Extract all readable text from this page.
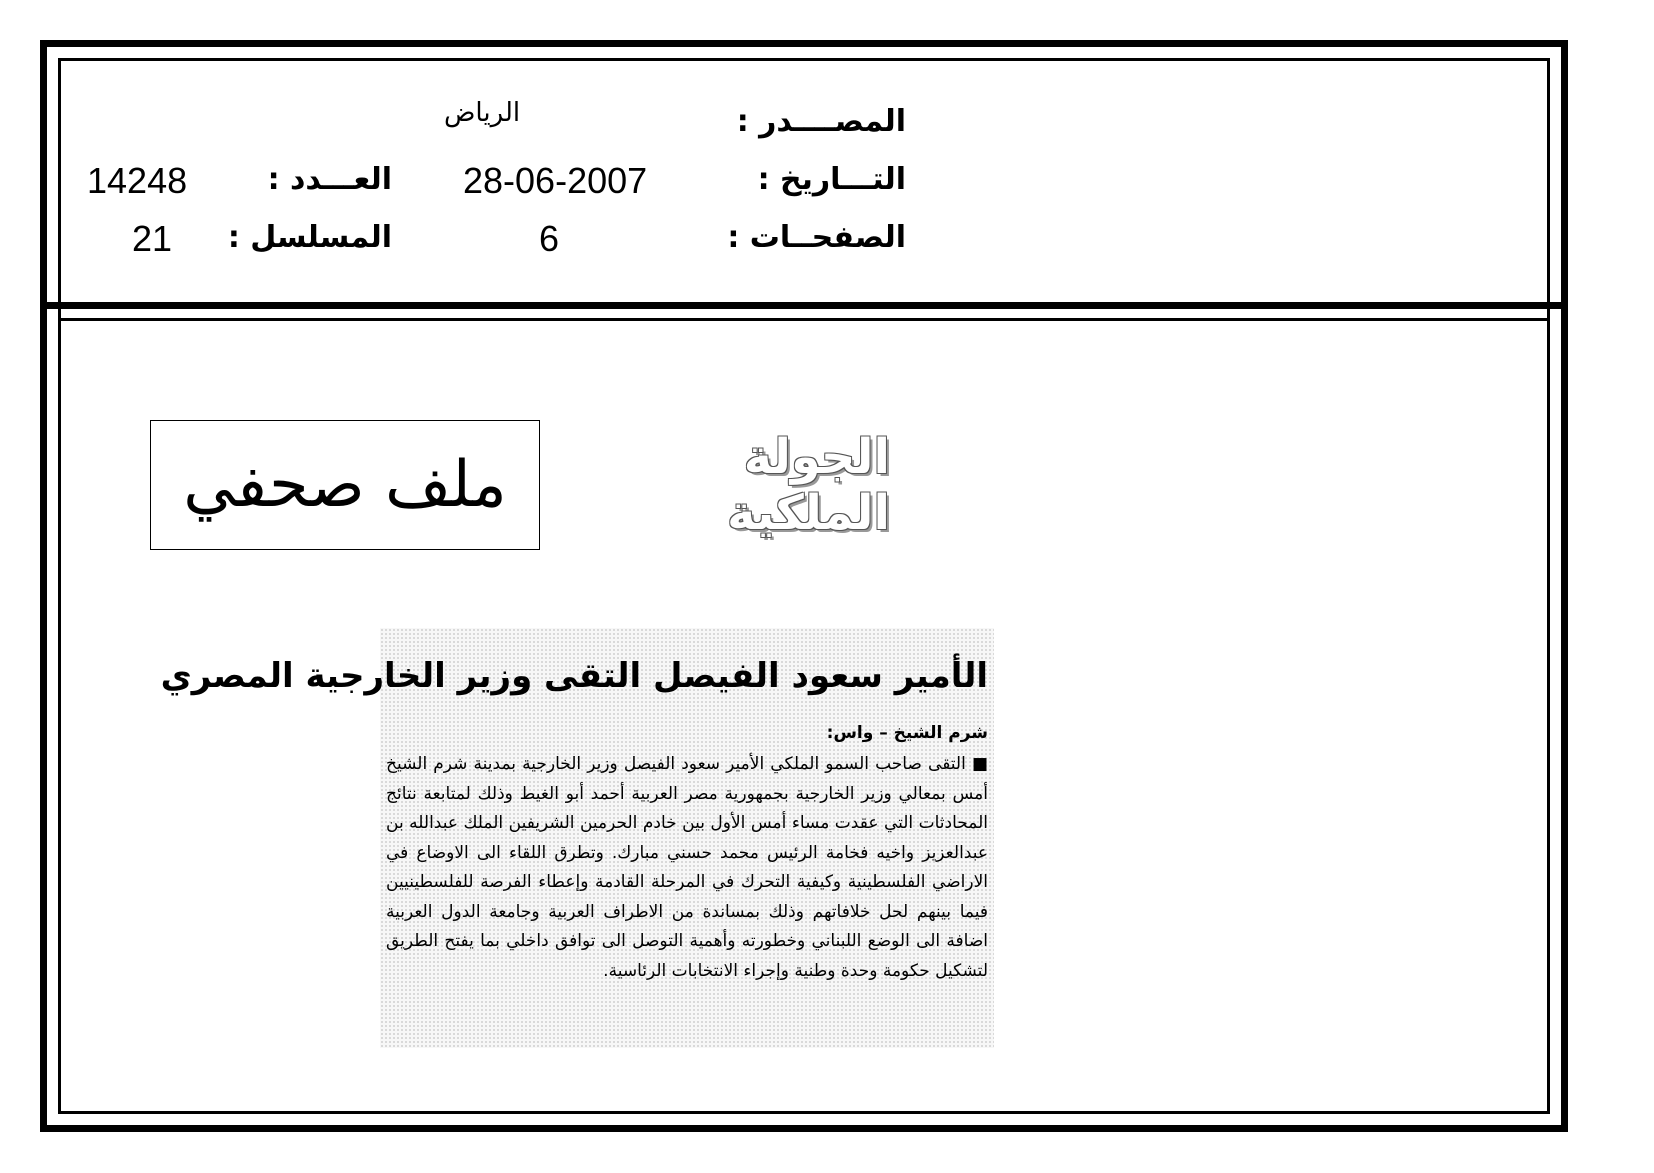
المصــــدر :
الرياض
التـــاريخ :
28-06-2007
العـــدد :
14248
الصفحــات :
6
المسلسل :
21
ملف صحفي	الجولة الملكية
الأمير سعود الفيصل التقى وزير الخارجية المصري
شرم الشيخ – واس:
■ التقى صاحب السمو الملكي الأمير سعود الفيصل وزير الخارجية بمدينة شرم الشيخ أمس بمعالي وزير الخارجية بجمهورية مصر العربية أحمد أبو الغيط وذلك لمتابعة نتائج المحادثات التي عقدت مساء أمس الأول بين خادم الحرمين الشريفين الملك عبدالله بن عبدالعزيز واخيه فخامة الرئيس محمد حسني مبارك. وتطرق اللقاء الى الاوضاع في الاراضي الفلسطينية وكيفية التحرك في المرحلة القادمة وإعطاء الفرصة للفلسطينيين فيما بينهم لحل خلافاتهم وذلك بمساندة من الاطراف العربية وجامعة الدول العربية اضافة الى الوضع اللبناني وخطورته وأهمية التوصل الى توافق داخلي بما يفتح الطريق لتشكيل حكومة وحدة وطنية وإجراء الانتخابات الرئاسية.
